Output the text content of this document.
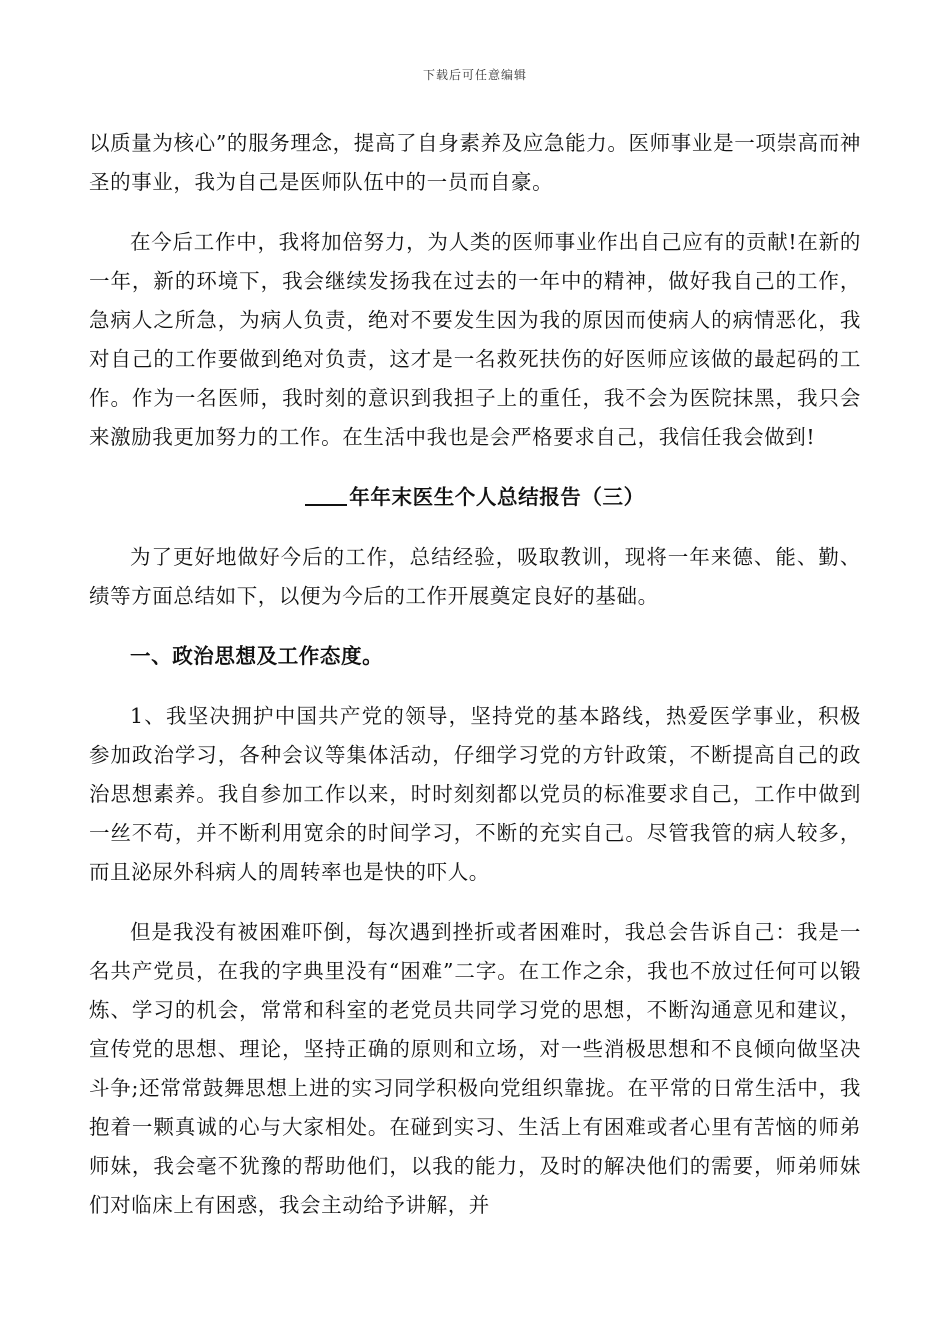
下载后可任意编辑

以质量为核心”的服务理念，提高了自身素养及应急能力。医师事业是一项崇高而神圣的事业，我为自己是医师队伍中的一员而自豪。

在今后工作中，我将加倍努力，为人类的医师事业作出自己应有的贡献!在新的一年，新的环境下，我会继续发扬我在过去的一年中的精神，做好我自己的工作，急病人之所急，为病人负责，绝对不要发生因为我的原因而使病人的病情恶化，我对自己的工作要做到绝对负责，这才是一名救死扶伤的好医师应该做的最起码的工作。作为一名医师，我时刻的意识到我担子上的重任，我不会为医院抹黑，我只会来激励我更加努力的工作。在生活中我也是会严格要求自己，我信任我会做到!

年年末医生个人总结报告（三）

为了更好地做好今后的工作，总结经验，吸取教训，现将一年来德、能、勤、绩等方面总结如下，以便为今后的工作开展奠定良好的基础。

一、政治思想及工作态度。

1、我坚决拥护中国共产党的领导，坚持党的基本路线，热爱医学事业，积极参加政治学习，各种会议等集体活动，仔细学习党的方针政策，不断提高自己的政治思想素养。我自参加工作以来，时时刻刻都以党员的标准要求自己，工作中做到一丝不苟，并不断利用宽余的时间学习，不断的充实自己。尽管我管的病人较多，而且泌尿外科病人的周转率也是快的吓人。

但是我没有被困难吓倒，每次遇到挫折或者困难时，我总会告诉自己：我是一名共产党员，在我的字典里没有“困难”二字。在工作之余，我也不放过任何可以锻炼、学习的机会，常常和科室的老党员共同学习党的思想，不断沟通意见和建议，宣传党的思想、理论，坚持正确的原则和立场，对一些消极思想和不良倾向做坚决斗争;还常常鼓舞思想上进的实习同学积极向党组织靠拢。在平常的日常生活中，我抱着一颗真诚的心与大家相处。在碰到实习、生活上有困难或者心里有苦恼的师弟师妹，我会毫不犹豫的帮助他们，以我的能力，及时的解决他们的需要，师弟师妹们对临床上有困惑，我会主动给予讲解，并
